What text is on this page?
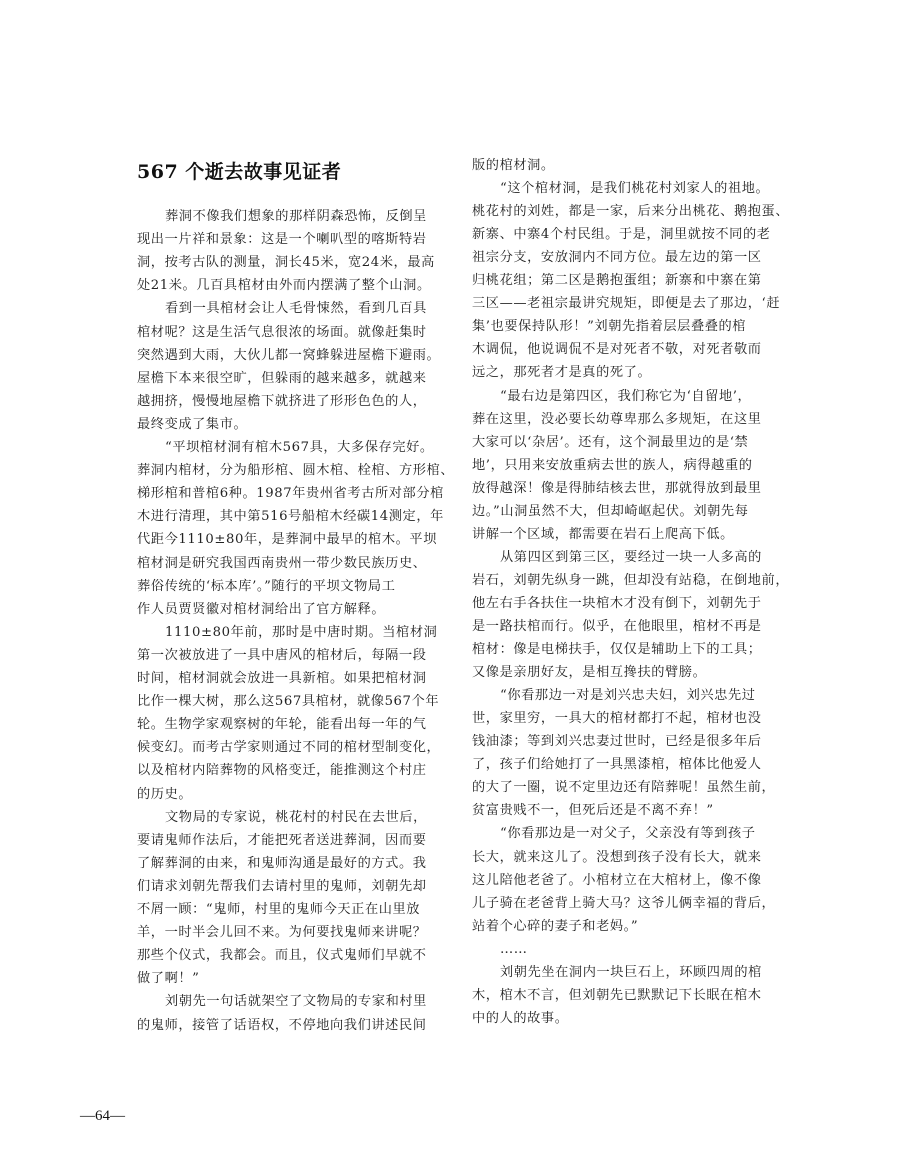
567 个逝去故事见证者
葬洞不像我们想象的那样阴森恐怖，反倒呈
现出一片祥和景象：这是一个喇叭型的喀斯特岩
洞，按考古队的测量，洞长45米，宽24米，最高
处21米。几百具棺材由外而内摆满了整个山洞。
看到一具棺材会让人毛骨悚然，看到几百具
棺材呢？这是生活气息很浓的场面。就像赶集时
突然遇到大雨，大伙儿都一窝蜂躲进屋檐下避雨。
屋檐下本来很空旷，但躲雨的越来越多，就越来
越拥挤，慢慢地屋檐下就挤进了形形色色的人，
最终变成了集市。
“平坝棺材洞有棺木567具，大多保存完好。
葬洞内棺材，分为船形棺、圆木棺、栓棺、方形棺、
梯形棺和普棺6种。1987年贵州省考古所对部分棺
木进行清理，其中第516号船棺木经碳14测定，年
代距今1110±80年，是葬洞中最早的棺木。平坝
棺材洞是研究我国西南贵州一带少数民族历史、
葬俗传统的‘标本库’。”随行的平坝文物局工
作人员贾贤徽对棺材洞给出了官方解释。
1110±80年前，那时是中唐时期。当棺材洞
第一次被放进了一具中唐风的棺材后，每隔一段
时间，棺材洞就会放进一具新棺。如果把棺材洞
比作一棵大树，那么这567具棺材，就像567个年
轮。生物学家观察树的年轮，能看出每一年的气
候变幻。而考古学家则通过不同的棺材型制变化，
以及棺材内陪葬物的风格变迁，能推测这个村庄
的历史。
文物局的专家说，桃花村的村民在去世后，
要请鬼师作法后，才能把死者送进葬洞，因而要
了解葬洞的由来，和鬼师沟通是最好的方式。我
们请求刘朝先帮我们去请村里的鬼师，刘朝先却
不屑一顾：“鬼师，村里的鬼师今天正在山里放
羊，一时半会儿回不来。为何要找鬼师来讲呢？
那些个仪式，我都会。而且，仪式鬼师们早就不
做了啊！”
刘朝先一句话就架空了文物局的专家和村里
的鬼师，接管了话语权，不停地向我们讲述民间
版的棺材洞。
“这个棺材洞，是我们桃花村刘家人的祖地。
桃花村的刘姓，都是一家，后来分出桃花、鹅抱蛋、
新寨、中寨4个村民组。于是，洞里就按不同的老
祖宗分支，安放洞内不同方位。最左边的第一区
归桃花组；第二区是鹅抱蛋组；新寨和中寨在第
三区——老祖宗最讲究规矩，即便是去了那边，‘赶
集’也要保持队形！”刘朝先指着层层叠叠的棺
木调侃，他说调侃不是对死者不敬，对死者敬而
远之，那死者才是真的死了。
“最右边是第四区，我们称它为‘自留地’，
葬在这里，没必要长幼尊卑那么多规矩，在这里
大家可以‘杂居’。还有，这个洞最里边的是‘禁
地’，只用来安放重病去世的族人，病得越重的
放得越深！像是得肺结核去世，那就得放到最里
边。”山洞虽然不大，但却崎岖起伏。刘朝先每
讲解一个区域，都需要在岩石上爬高下低。
从第四区到第三区，要经过一块一人多高的
岩石，刘朝先纵身一跳，但却没有站稳，在倒地前，
他左右手各扶住一块棺木才没有倒下，刘朝先于
是一路扶棺而行。似乎，在他眼里，棺材不再是
棺材：像是电梯扶手，仅仅是辅助上下的工具；
又像是亲朋好友，是相互搀扶的臂膀。
“你看那边一对是刘兴忠夫妇，刘兴忠先过
世，家里穷，一具大的棺材都打不起，棺材也没
钱油漆；等到刘兴忠妻过世时，已经是很多年后
了，孩子们给她打了一具黑漆棺，棺体比他爱人
的大了一圈，说不定里边还有陪葬呢！虽然生前，
贫富贵贱不一，但死后还是不离不弃！”
“你看那边是一对父子，父亲没有等到孩子
长大，就来这儿了。没想到孩子没有长大，就来
这儿陪他老爸了。小棺材立在大棺材上，像不像
儿子骑在老爸背上骑大马？这爷儿俩幸福的背后，
站着个心碎的妻子和老妈。”
……
刘朝先坐在洞内一块巨石上，环顾四周的棺
木，棺木不言，但刘朝先已默默记下长眠在棺木
中的人的故事。
—64—
